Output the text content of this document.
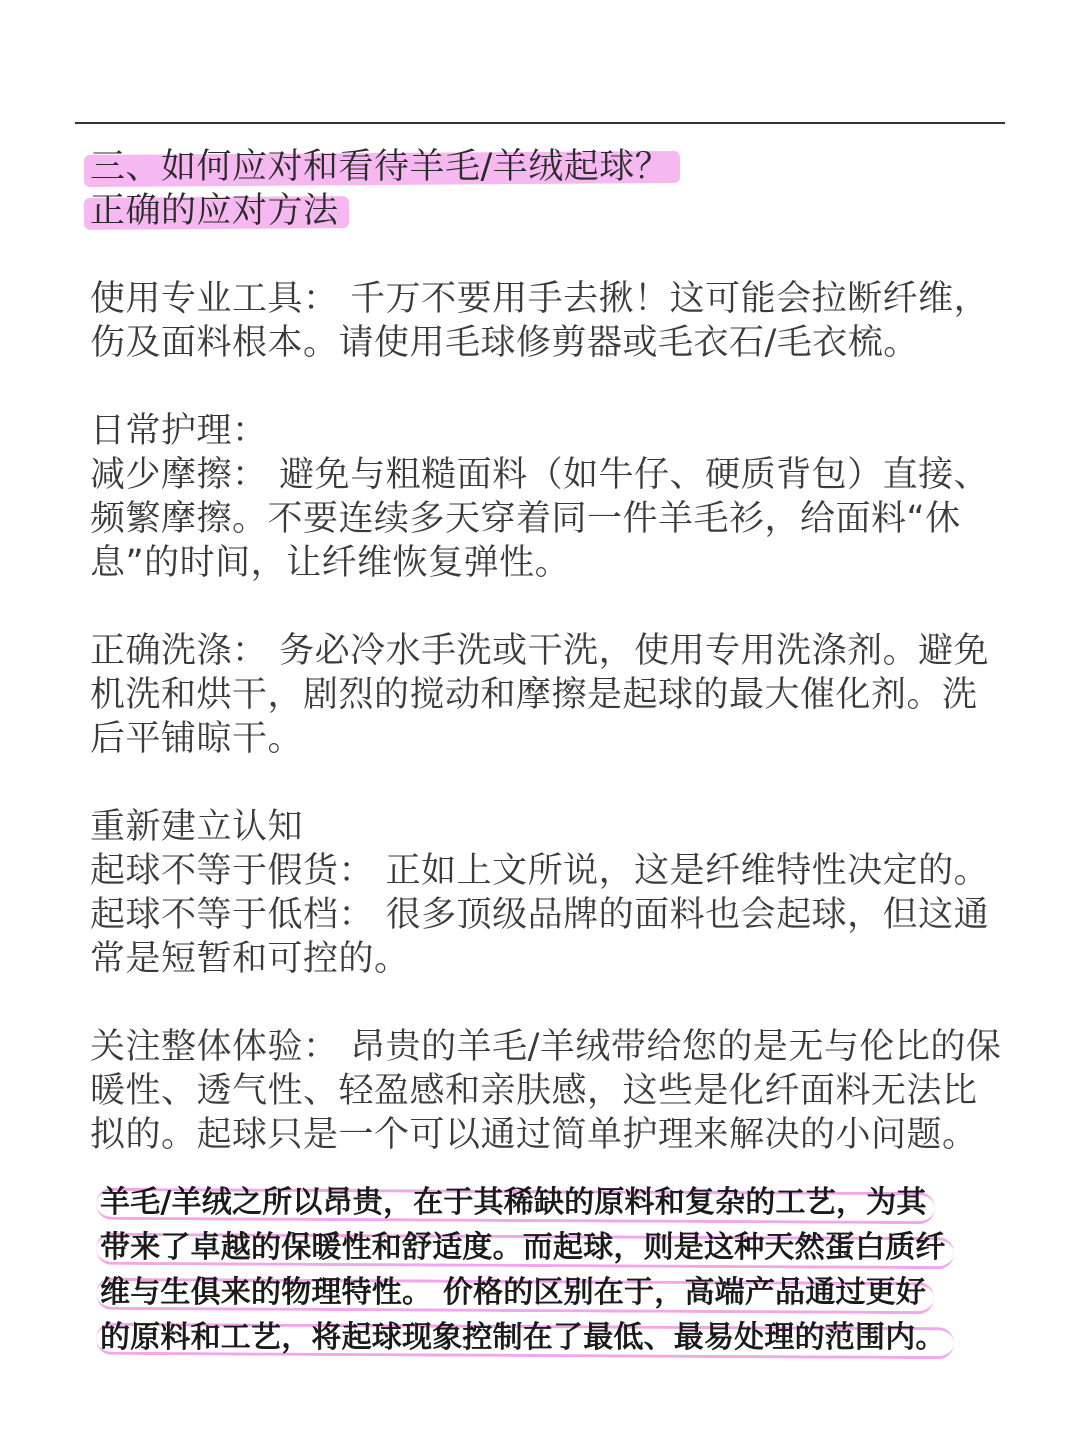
三、如何应对和看待羊毛/羊绒起球？
正确的应对方法
使用专业工具： 千万不要用手去揪！这可能会拉断纤维，
伤及面料根本。请使用毛球修剪器或毛衣石/毛衣梳。
日常护理：
减少摩擦： 避免与粗糙面料（如牛仔、硬质背包）直接、
频繁摩擦。不要连续多天穿着同一件羊毛衫，给面料“休
息”的时间，让纤维恢复弹性。
正确洗涤： 务必冷水手洗或干洗，使用专用洗涤剂。避免
机洗和烘干，剧烈的搅动和摩擦是起球的最大催化剂。洗
后平铺晾干。
重新建立认知
起球不等于假货： 正如上文所说，这是纤维特性决定的。
起球不等于低档： 很多顶级品牌的面料也会起球，但这通
常是短暂和可控的。
关注整体体验： 昂贵的羊毛/羊绒带给您的是无与伦比的保
暖性、透气性、轻盈感和亲肤感，这些是化纤面料无法比
拟的。起球只是一个可以通过简单护理来解决的小问题。
羊毛/羊绒之所以昂贵，在于其稀缺的原料和复杂的工艺，为其
带来了卓越的保暖性和舒适度。而起球，则是这种天然蛋白质纤
维与生俱来的物理特性。 价格的区别在于，高端产品通过更好
的原料和工艺，将起球现象控制在了最低、最易处理的范围内。
